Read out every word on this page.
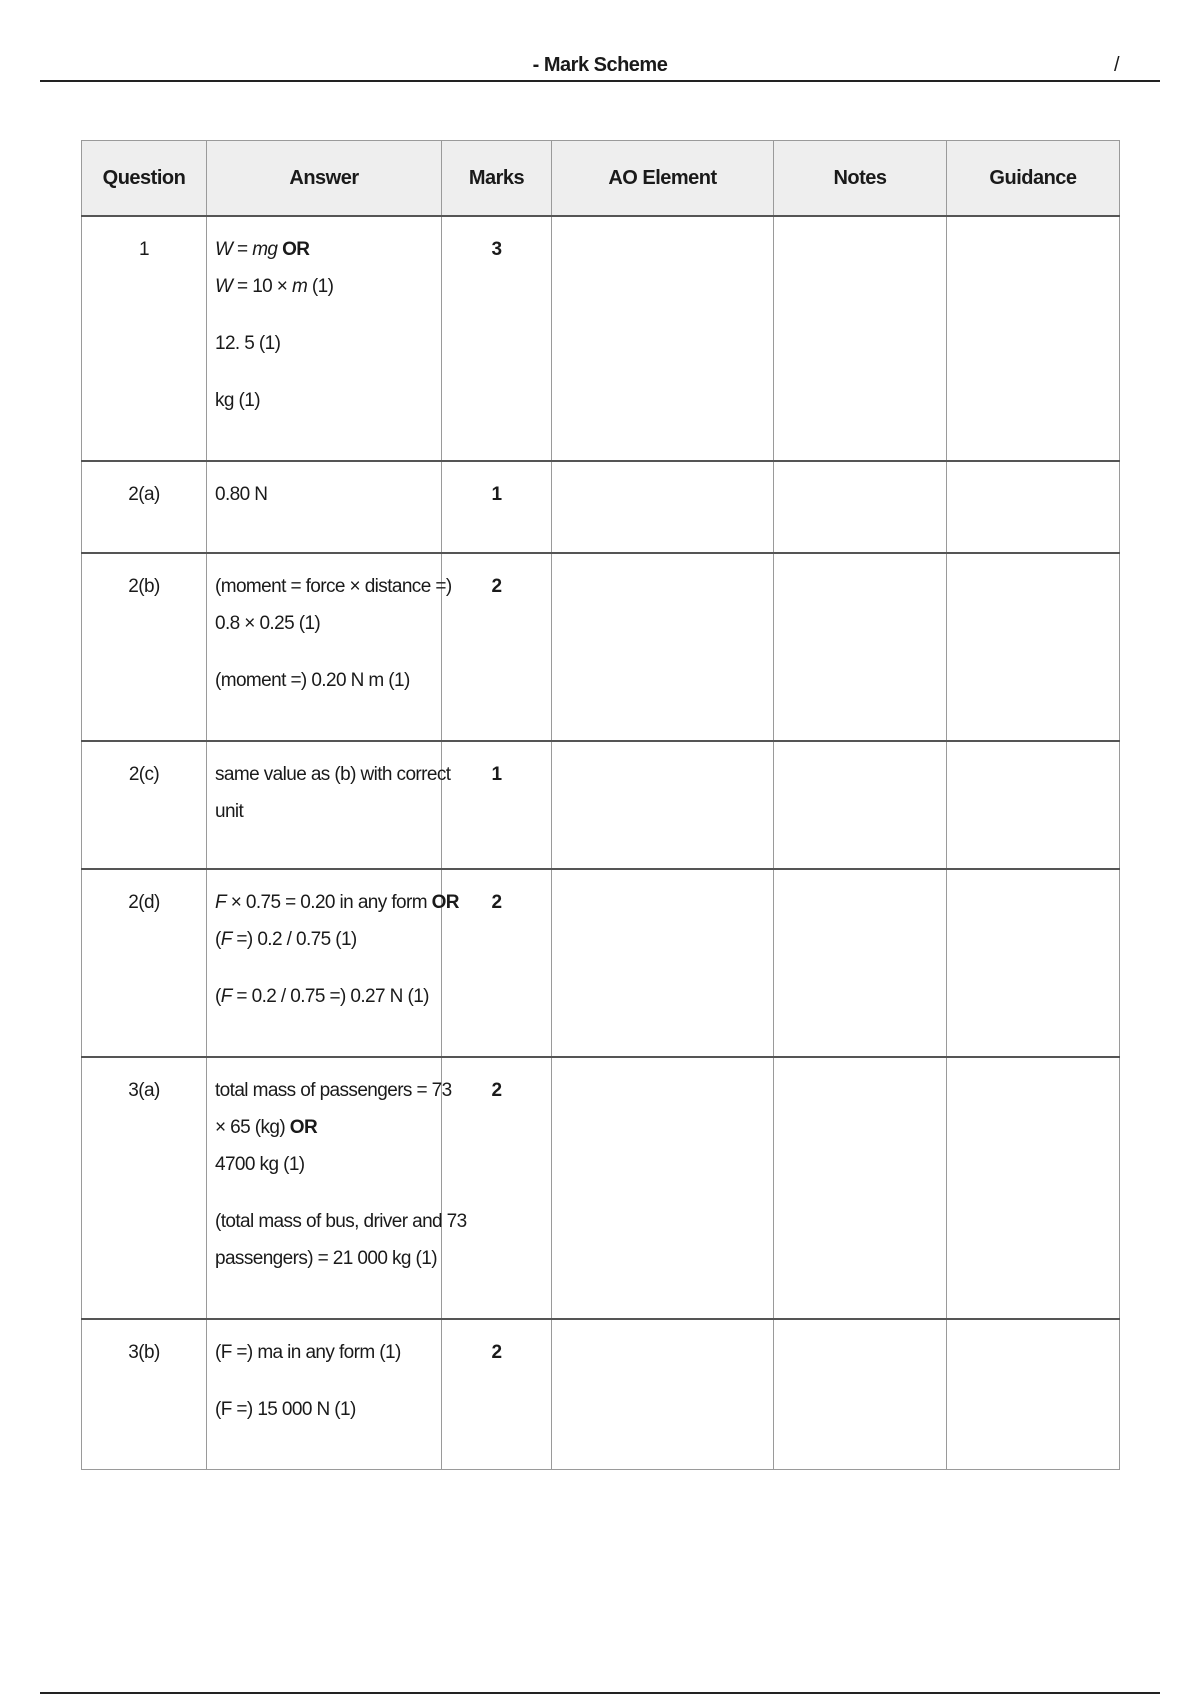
- Mark Scheme	/
Question	Answer	Marks	AO Element	Notes	Guidance
1	W = mg OR

W = 10 × m (1)

12. 5 (1)

kg (1)	3			
2(a)	0.80 N	1			
2(b)	(moment = force × distance =)

0.8 × 0.25 (1)

(moment =) 0.20 N m (1)	2			
2(c)	same value as (b) with correct

unit	1			
2(d)	F × 0.75 = 0.20 in any form OR

(F =) 0.2 / 0.75 (1)

(F = 0.2 / 0.75 =) 0.27 N (1)	2			
3(a)	total mass of passengers = 73

× 65 (kg) OR

4700 kg (1)

(total mass of bus, driver and 73

passengers) = 21 000 kg (1)	2			
3(b)	(F =) ma in any form (1)

(F =) 15 000 N (1)	2			
